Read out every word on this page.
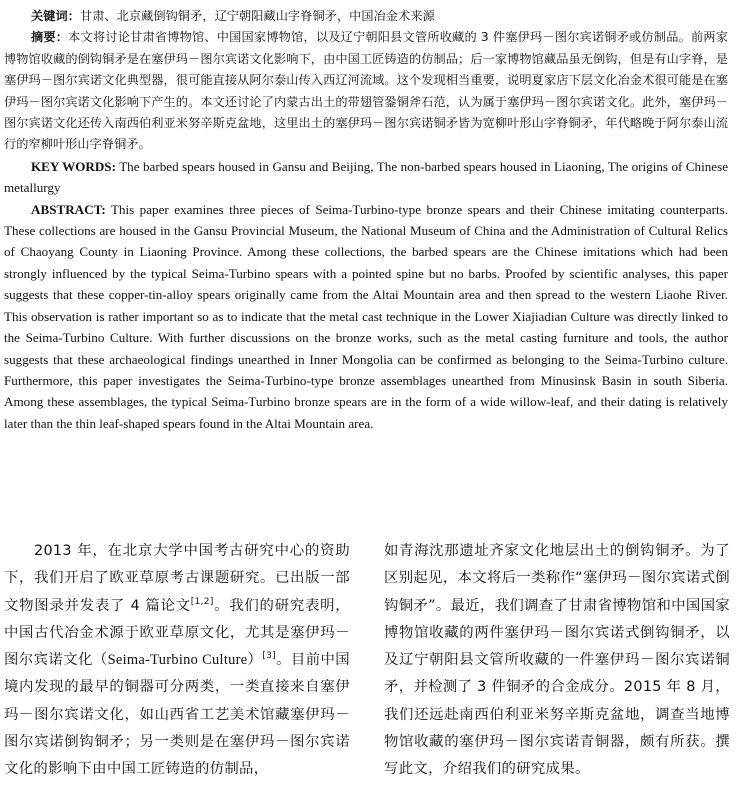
关键词：甘肃、北京藏倒钩铜矛，辽宁朝阳藏山字脊铜矛，中国冶金术来源

摘要：本文将讨论甘肃省博物馆、中国国家博物馆，以及辽宁朝阳县文管所收藏的 3 件塞伊玛－图尔宾诺铜矛或仿制品。前两家博物馆收藏的倒钩铜矛是在塞伊玛－图尔宾诺文化影响下，由中国工匠铸造的仿制品；后一家博物馆藏品虽无倒钩，但是有山字脊，是塞伊玛－图尔宾诺文化典型器，很可能直接从阿尔泰山传入西辽河流域。这个发现相当重要，说明夏家店下层文化冶金术很可能是在塞伊玛－图尔宾诺文化影响下产生的。本文还讨论了内蒙古出土的带翅管銎铜斧石范，认为属于塞伊玛－图尔宾诺文化。此外，塞伊玛－图尔宾诺文化还传入南西伯利亚米努辛斯克盆地，这里出土的塞伊玛－图尔宾诺铜矛皆为宽柳叶形山字脊铜矛，年代略晚于阿尔泰山流行的窄柳叶形山字脊铜矛。

KEY WORDS: The barbed spears housed in Gansu and Beijing, The non-barbed spears housed in Liaoning, The origins of Chinese metallurgy

ABSTRACT: This paper examines three pieces of Seima-Turbino-type bronze spears and their Chinese imitating counterparts. These collections are housed in the Gansu Provincial Museum, the National Museum of China and the Administration of Cultural Relics of Chaoyang County in Liaoning Province. Among these collections, the barbed spears are the Chinese imitations which had been strongly influenced by the typical Seima-Turbino spears with a pointed spine but no barbs. Proofed by scientific analyses, this paper suggests that these copper-tin-alloy spears originally came from the Altai Mountain area and then spread to the western Liaohe River. This observation is rather important so as to indicate that the metal cast technique in the Lower Xiajiadian Culture was directly linked to the Seima-Turbino Culture. With further discussions on the bronze works, such as the metal casting furniture and tools, the author suggests that these archaeological findings unearthed in Inner Mongolia can be confirmed as belonging to the Seima-Turbino culture. Furthermore, this paper investigates the Seima-Turbino-type bronze assemblages unearthed from Minusinsk Basin in south Siberia. Among these assemblages, the typical Seima-Turbino bronze spears are in the form of a wide willow-leaf, and their dating is relatively later than the thin leaf-shaped spears found in the Altai Mountain area.

2013 年，在北京大学中国考古研究中心的资助下，我们开启了欧亚草原考古课题研究。已出版一部文物图录并发表了 4 篇论文[1,2]。我们的研究表明，中国古代冶金术源于欧亚草原文化，尤其是塞伊玛－图尔宾诺文化（Seima-Turbino Culture）[3]。目前中国境内发现的最早的铜器可分两类，一类直接来自塞伊玛－图尔宾诺文化，如山西省工艺美术馆藏塞伊玛－图尔宾诺倒钩铜矛；另一类则是在塞伊玛－图尔宾诺文化的影响下由中国工匠铸造的仿制品，

如青海沈那遗址齐家文化地层出土的倒钩铜矛。为了区别起见，本文将后一类称作“塞伊玛－图尔宾诺式倒钩铜矛”。最近，我们调查了甘肃省博物馆和中国国家博物馆收藏的两件塞伊玛－图尔宾诺式倒钩铜矛，以及辽宁朝阳县文管所收藏的一件塞伊玛－图尔宾诺铜矛，并检测了 3 件铜矛的合金成分。2015 年 8 月，我们还远赴南西伯利亚米努辛斯克盆地，调查当地博物馆收藏的塞伊玛－图尔宾诺青铜器，颇有所获。撰写此文，介绍我们的研究成果。
